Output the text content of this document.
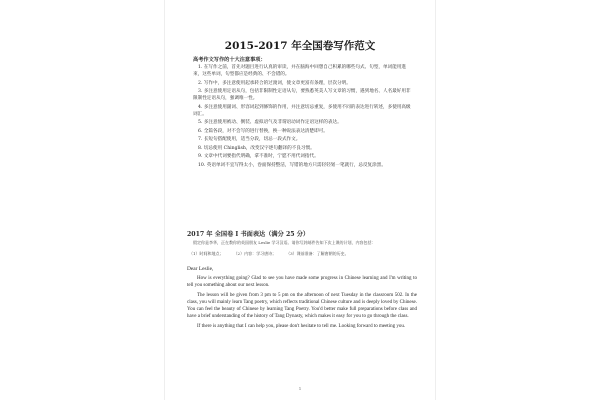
2015-2017 年全国卷写作范文
高考作文写作的十大注意事项：

1. 在写作之前，首先对题目进行认真的审读，并在脑海中回想自己积累的哪些句式、句型，单词能用進來，这些单词，句型都应是经典的、不会错的。

2. 写作中，多注意使用起承转合的过渡词，使文章更富有条理，层次分明。

3. 多注意使用定语从句，包括非限制性定语从句，要熟悉英美人写文章的习惯，遇到地名、人名最好用非限制性定语从句，强调唯一性。

4. 多注意使用副词、形容词起到修饰的作用，并注意切忌重复，多使用不同的表达进行转述，多使用高级词汇。

5. 多注意使用被动、倒装、虚拟语气及非谓语动词作定语这样的表达。

6. 全篇各段，对不会写的进行替换，换一种说法表达清楚即可。

7. 长短句搭配使用，适当分段，切忌一段式作文。

8. 切忌使用 Chinglish，改变汉字逐句翻译的不良习惯。

9. 文章中代词要指代明确，拿不准时，宁愿不用代词指代。

10. 英语单词不宜写得太小，卷面保持整洁，写错的地方只需轻轻划一笔就行，忌反复涂黑。

2017 年 全国卷 Ⅰ 书面表达（满分 25 分）
假定你是李华，正在教你的英国朋友 Leslie 学习汉语。请你写封邮件告知下次上课的计划，内容包括：
（1）时间和地点；	（2）内容：学习唐诗；	（3）课前准备：了解唐朝的历史。
Dear Leslie,

How is everything going? Glad to see you have made some progress in Chinese learning and I'm writing to tell you something about our next lesson.

The lesson will be given from 3 pm to 5 pm on the afternoon of next Tuesday in the classroom 502. In the class, you will mainly learn Tang poetry, which reflects traditional Chinese culture and is deeply loved by Chinese. You can feel the beauty of Chinese by learning Tang Poetry. You'd better make full preparations before class and have a brief understanding of the history of Tang Dynasty, which makes it easy for you to go through the class.

If there is anything that I can help you, please don't hesitate to tell me. Looking forward to meeting you.

1
